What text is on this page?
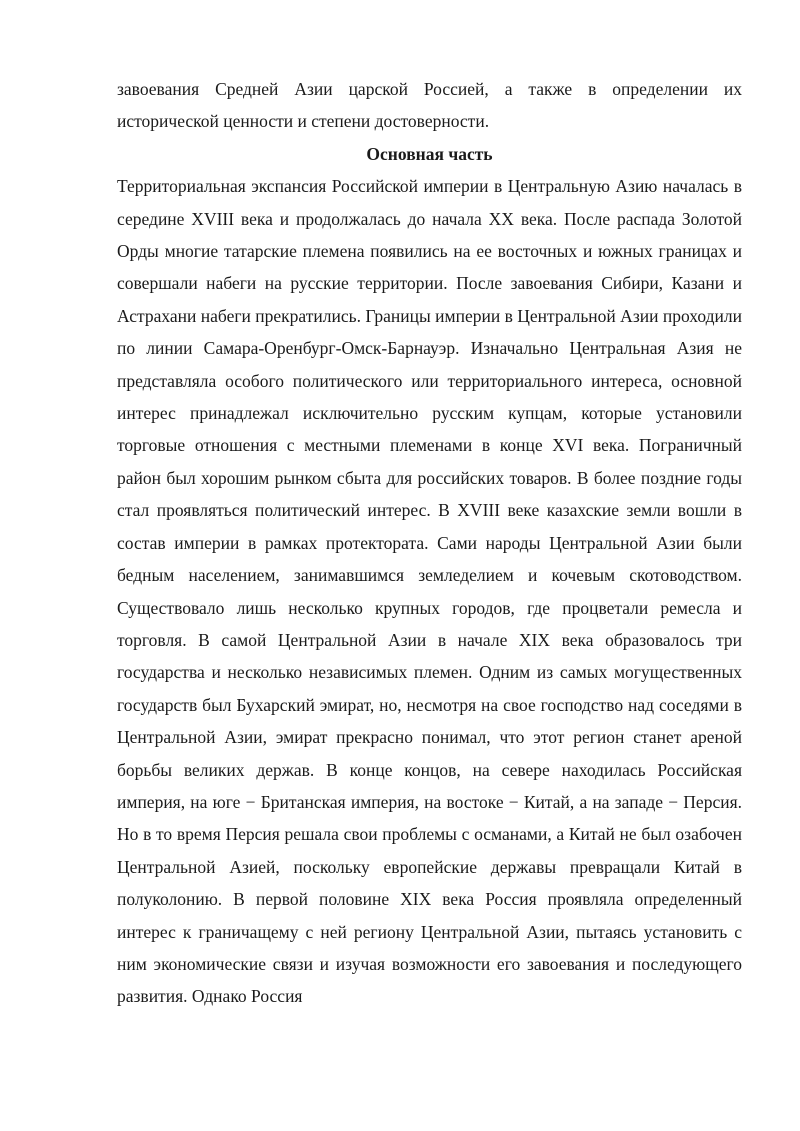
завоевания Средней Азии царской Россией, а также в определении их исторической ценности и степени достоверности.

Основная часть

Территориальная экспансия Российской империи в Центральную Азию началась в середине XVIII века и продолжалась до начала XX века. После распада Золотой Орды многие татарские племена появились на ее восточных и южных границах и совершали набеги на русские территории. После завоевания Сибири, Казани и Астрахани набеги прекратились. Границы империи в Центральной Азии проходили по линии Самара-Оренбург-Омск-Барнауэр. Изначально Центральная Азия не представляла особого политического или территориального интереса, основной интерес принадлежал исключительно русским купцам, которые установили торговые отношения с местными племенами в конце XVI века. Пограничный район был хорошим рынком сбыта для российских товаров. В более поздние годы стал проявляться политический интерес. В XVIII веке казахские земли вошли в состав империи в рамках протектората. Сами народы Центральной Азии были бедным населением, занимавшимся земледелием и кочевым скотоводством. Существовало лишь несколько крупных городов, где процветали ремесла и торговля. В самой Центральной Азии в начале XIX века образовалось три государства и несколько независимых племен. Одним из самых могущественных государств был Бухарский эмират, но, несмотря на свое господство над соседями в Центральной Азии, эмират прекрасно понимал, что этот регион станет ареной борьбы великих держав. В конце концов, на севере находилась Российская империя, на юге − Британская империя, на востоке − Китай, а на западе − Персия. Но в то время Персия решала свои проблемы с османами, а Китай не был озабочен Центральной Азией, поскольку европейские державы превращали Китай в полуколонию. В первой половине XIX века Россия проявляла определенный интерес к граничащему с ней региону Центральной Азии, пытаясь установить с ним экономические связи и изучая возможности его завоевания и последующего развития. Однако Россия
